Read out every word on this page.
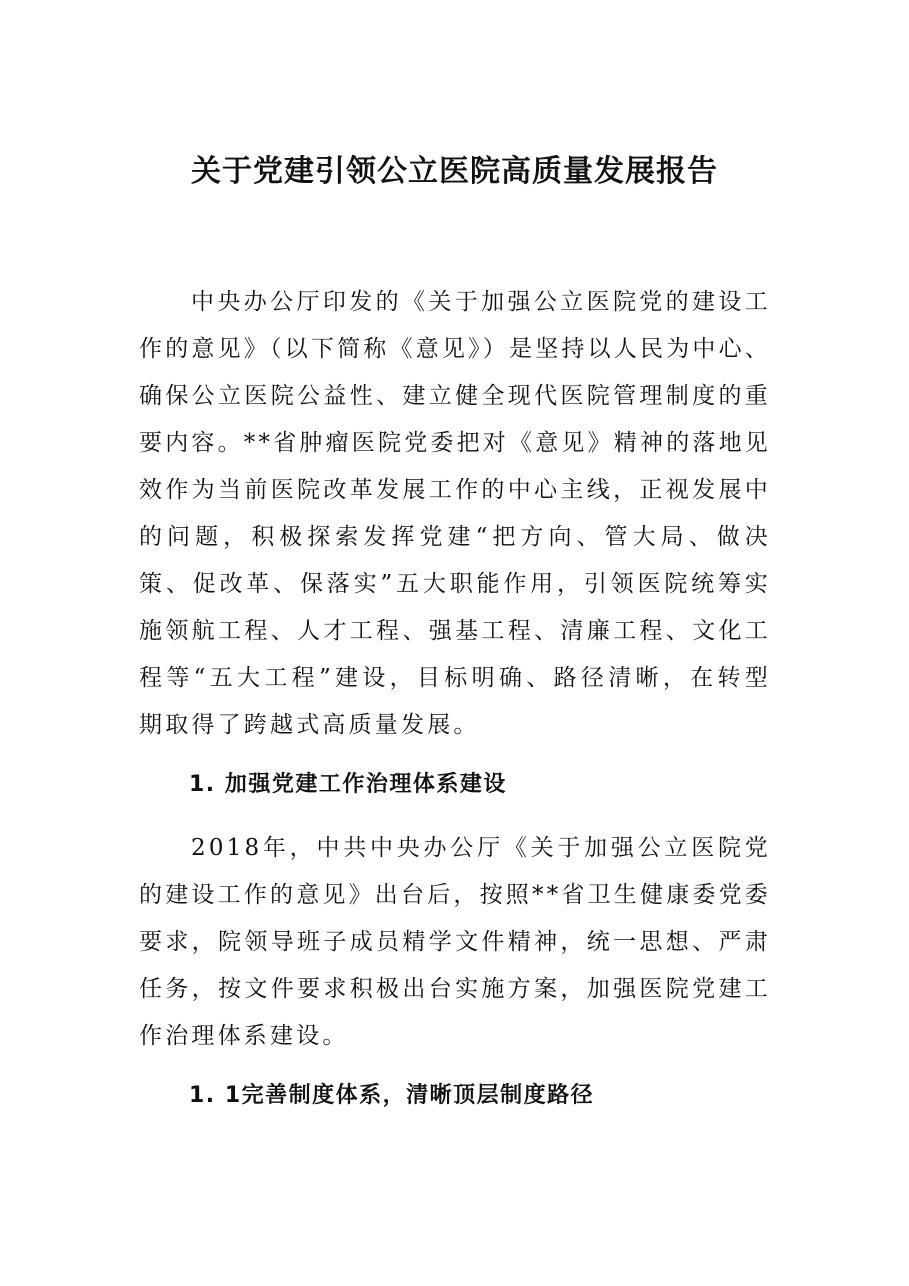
关于党建引领公立医院高质量发展报告

中央办公厅印发的《关于加强公立医院党的建设工作的意见》（以下简称《意见》）是坚持以人民为中心、确保公立医院公益性、建立健全现代医院管理制度的重要内容。**省肿瘤医院党委把对《意见》精神的落地见效作为当前医院改革发展工作的中心主线，正视发展中的问题，积极探索发挥党建“把方向、管大局、做决策、促改革、保落实”五大职能作用，引领医院统筹实施领航工程、人才工程、强基工程、清廉工程、文化工程等“五大工程”建设，目标明确、路径清晰，在转型期取得了跨越式高质量发展。

1. 加强党建工作治理体系建设

2018年，中共中央办公厅《关于加强公立医院党的建设工作的意见》出台后，按照**省卫生健康委党委要求，院领导班子成员精学文件精神，统一思想、严肃任务，按文件要求积极出台实施方案，加强医院党建工作治理体系建设。

1. 1完善制度体系，清晰顶层制度路径
